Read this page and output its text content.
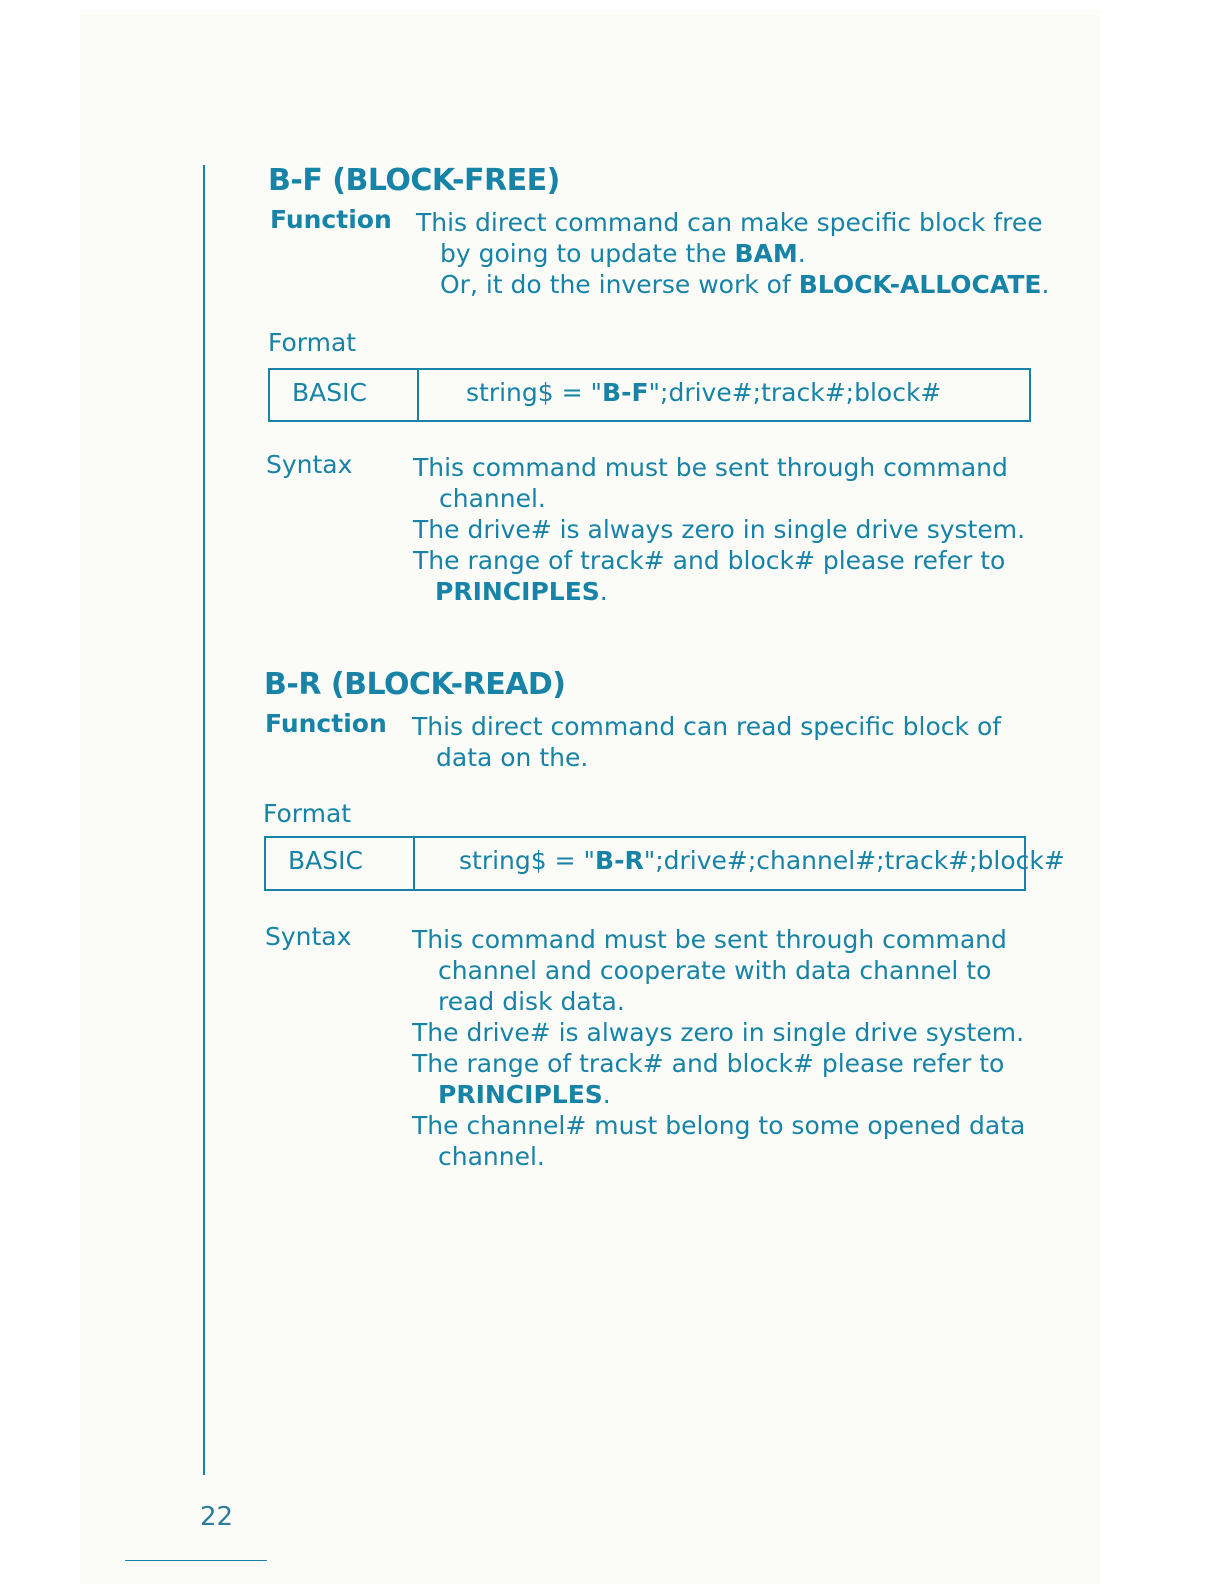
B-F (BLOCK-FREE)
Function This direct command can make specific block free
by going to update the BAM.
Or, it do the inverse work of BLOCK-ALLOCATE.
Format
BASIC	string$ = "B-F";drive#;track#;block#
Syntax This command must be sent through command
channel.
The drive# is always zero in single drive system.
The range of track# and block# please refer to
PRINCIPLES.
B-R (BLOCK-READ)
Function This direct command can read specific block of
data on the.
Format
BASIC	string$ = "B-R";drive#;channel#;track#;block#
Syntax This command must be sent through command
channel and cooperate with data channel to
read disk data.
The drive# is always zero in single drive system.
The range of track# and block# please refer to
PRINCIPLES.
The channel# must belong to some opened data
channel.
22
